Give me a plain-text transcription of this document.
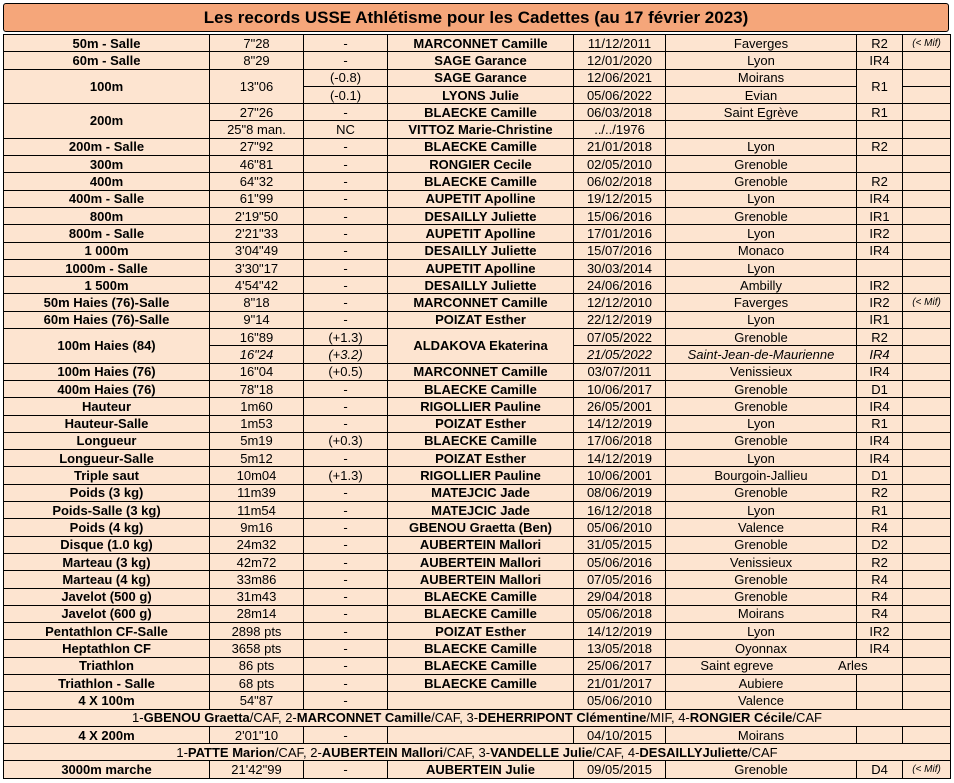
Les records USSE Athlétisme pour les Cadettes (au 17 février 2023)
50m - Salle	7"28	-	MARCONNET Camille	11/12/2011	Faverges	R2	(< Mif)
60m - Salle	8"29	-	SAGE Garance	12/01/2020	Lyon	IR4	
100m	13"06	(-0.8)	SAGE Garance	12/06/2021	Moirans	R1	
		(-0.1)	LYONS Julie	05/06/2022	Evian		
200m	27"26	-	BLAECKE Camille	06/03/2018	Saint Egrève	R1	
	25"8 man.	NC	VITTOZ Marie-Christine	../../1976			
200m - Salle	27"92	-	BLAECKE Camille	21/01/2018	Lyon	R2	
300m	46"81	-	RONGIER Cecile	02/05/2010	Grenoble		
400m	64"32	-	BLAECKE Camille	06/02/2018	Grenoble	R2	
400m - Salle	61"99	-	AUPETIT Apolline	19/12/2015	Lyon	IR4	
800m	2'19"50	-	DESAILLY Juliette	15/06/2016	Grenoble	IR1	
800m - Salle	2'21"33	-	AUPETIT Apolline	17/01/2016	Lyon	IR2	
1 000m	3'04"49	-	DESAILLY Juliette	15/07/2016	Monaco	IR4	
1000m - Salle	3'30"17	-	AUPETIT Apolline	30/03/2014	Lyon		
1 500m	4'54"42	-	DESAILLY Juliette	24/06/2016	Ambilly	IR2	
50m Haies (76)-Salle	8"18	-	MARCONNET Camille	12/12/2010	Faverges	IR2	(< Mif)
60m Haies (76)-Salle	9"14	-	POIZAT Esther	22/12/2019	Lyon	IR1	
100m Haies (84)	16"89	(+1.3)	ALDAKOVA Ekaterina	07/05/2022	Grenoble	R2	
	16"24	(+3.2)		21/05/2022	Saint-Jean-de-Maurienne	IR4	
100m Haies (76)	16"04	(+0.5)	MARCONNET Camille	03/07/2011	Venissieux	IR4	
400m Haies (76)	78"18	-	BLAECKE Camille	10/06/2017	Grenoble	D1	
Hauteur	1m60	-	RIGOLLIER Pauline	26/05/2001	Grenoble	IR4	
Hauteur-Salle	1m53	-	POIZAT Esther	14/12/2019	Lyon	R1	
Longueur	5m19	(+0.3)	BLAECKE Camille	17/06/2018	Grenoble	IR4	
Longueur-Salle	5m12	-	POIZAT Esther	14/12/2019	Lyon	IR4	
Triple saut	10m04	(+1.3)	RIGOLLIER Pauline	10/06/2001	Bourgoin-Jallieu	D1	
Poids (3 kg)	11m39	-	MATEJCIC Jade	08/06/2019	Grenoble	R2	
Poids-Salle (3 kg)	11m54	-	MATEJCIC Jade	16/12/2018	Lyon	R1	
Poids (4 kg)	9m16	-	GBENOU Graetta (Ben)	05/06/2010	Valence	R4	
Disque (1.0 kg)	24m32	-	AUBERTEIN Mallori	31/05/2015	Grenoble	D2	
Marteau (3 kg)	42m72	-	AUBERTEIN Mallori	05/06/2016	Venissieux	R2	
Marteau (4 kg)	33m86	-	AUBERTEIN Mallori	07/05/2016	Grenoble	R4	
Javelot (500 g)	31m43	-	BLAECKE Camille	29/04/2018	Grenoble	R4	
Javelot (600 g)	28m14	-	BLAECKE Camille	05/06/2018	Moirans	R4	
Pentathlon CF-Salle	2898 pts	-	POIZAT Esther	14/12/2019	Lyon	IR2	
Heptathlon CF	3658 pts	-	BLAECKE Camille	13/05/2018	Oyonnax	IR4	
Triathlon	86 pts	-	BLAECKE Camille	25/06/2017	Saint egreve Arles		

Triathlon - Salle	68 pts	-	BLAECKE Camille	21/01/2017	Aubiere		
4 X 100m	54"87	-		05/06/2010	Valence		
1-GBENOU Graetta/CAF, 2-MARCONNET Camille/CAF, 3-DEHERRIPONT Clémentine/MIF, 4-RONGIER Cécile/CAF							
4 X 200m	2'01"10	-		04/10/2015	Moirans		
1-PATTE Marion/CAF, 2-AUBERTEIN Mallori/CAF, 3-VANDELLE Julie/CAF, 4-DESAILLYJuliette/CAF							
3000m marche	21'42"99	-	AUBERTEIN Julie	09/05/2015	Grenoble	D4	(< Mif)
